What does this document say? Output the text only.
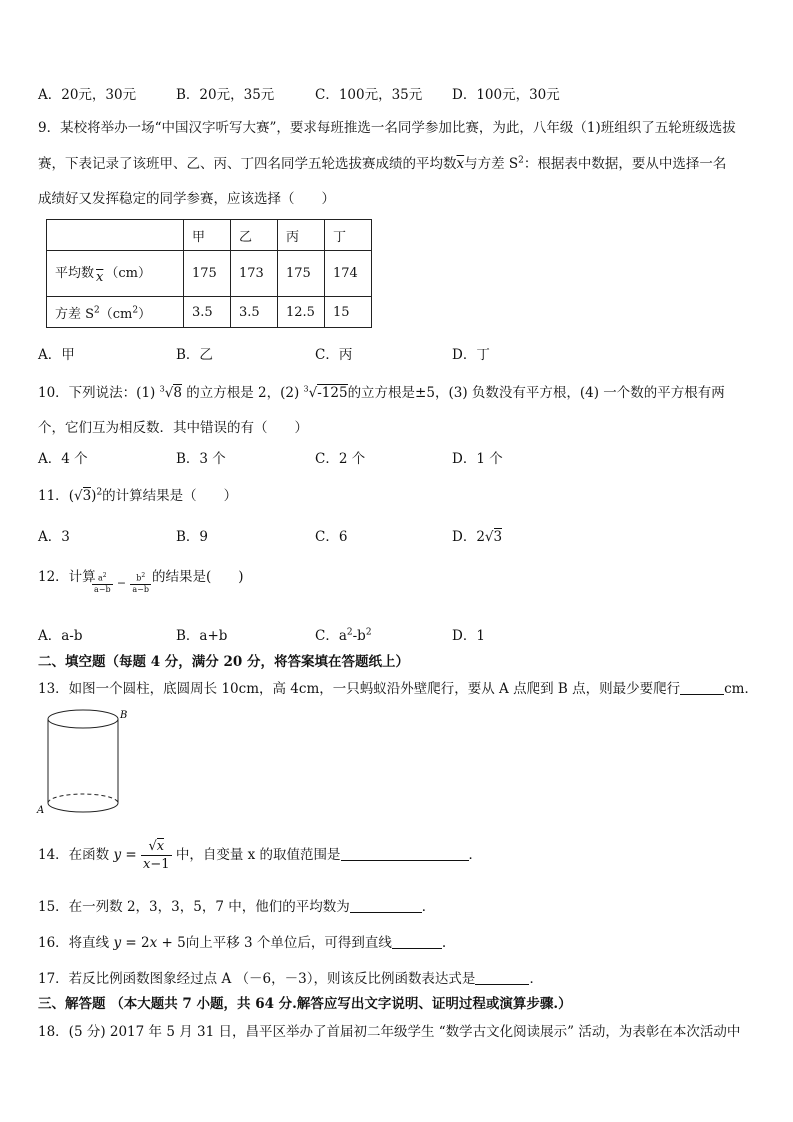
A．20元，30元	B．20元，35元	C．100元，35元 D．100元，30元
9．某校将举办一场“中国汉字听写大赛”，要求每班推选一名同学参加比赛，为此，八年级（1)班组织了五轮班级选拔
赛，下表记录了该班甲、乙、丙、丁四名同学五轮选拔赛成绩的平均数$\overline{x}$与方差 $S^2$：根据表中数据，要从中选择一名
成绩好又发挥稳定的同学参赛，应该选择（　　）
	甲	乙	丙	丁
平均数 $\overline{x}$ （cm）	175	173	175	174
方差 $S^2(cm^2)$	3.5	3.5	12.5	15
A．甲	B．乙	C．丙	D．丁
10．下列说法：(1) $^3$√8 的立方根是 2，(2) $^3$√-125的立方根是±5，(3) 负数没有平方根，(4) 一个数的平方根有两
个，它们互为相反数．其中错误的有（　　）
A．4 个	B．3 个	C．2 个	D．1 个
11．$(√3)^2$的计算结果是（　　）
A．3	B．9	C．6	D．2√3
12．计算
$\frac{a^2}{a-b} - \frac{b^2}{a-b}$ 的结果是(　　)
A．a-b	B．a+b	C．$a^2-b^2$	D．1
二、填空题（每题 4 分，满分 20 分，将答案填在答题纸上）
13．如图一个圆柱，底圆周长 10cm，高 4cm，一只蚂蚁沿外壁爬行，要从 A 点爬到 B 点，则最少要爬行	cm．
B
A
14．在函数 $y = \frac{√x}{x-1}$ 中，自变量 x 的取值范围是	．
15．在一列数 2，3，3，5，7 中，他们的平均数为	．
16．将直线 y = 2x + 5向上平移 3 个单位后，可得到直线	.
17．若反比例函数图象经过点 A （－6，－3），则该反比例函数表达式是	．
三、解答题 （本大题共 7 小题，共 64 分.解答应写出文字说明、证明过程或演算步骤.）
18．(5 分) 2017 年 5 月 31 日，昌平区举办了首届初二年级学生 “数学古文化阅读展示” 活动，为表彰在本次活动中
